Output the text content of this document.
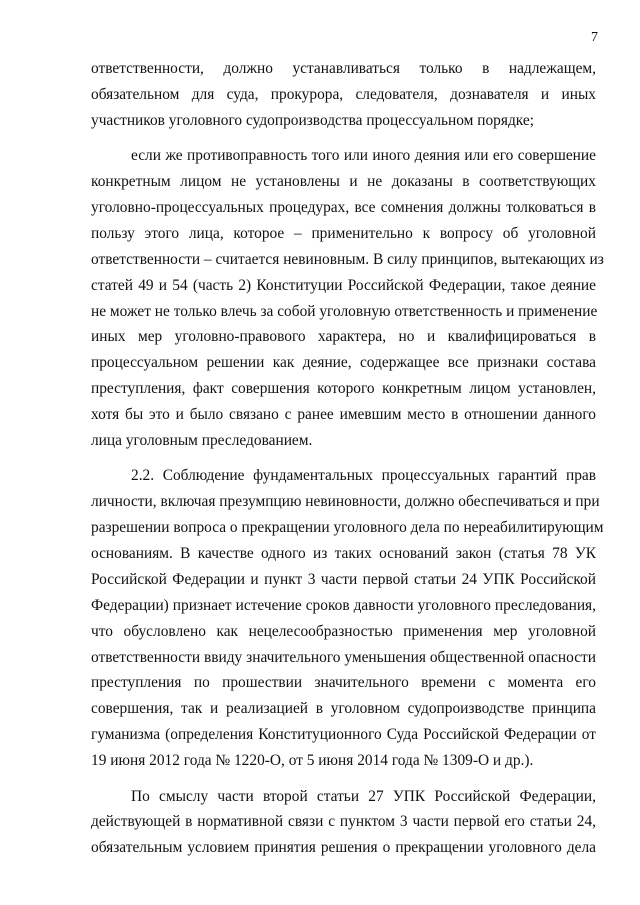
7
ответственности, должно устанавливаться только в надлежащем,
обязательном для суда, прокурора, следователя, дознавателя и иных
участников уголовного судопроизводства процессуальном порядке;
если же противоправность того или иного деяния или его совершение
конкретным лицом не установлены и не доказаны в соответствующих
уголовно-процессуальных процедурах, все сомнения должны толковаться в
пользу этого лица, которое – применительно к вопросу об уголовной
ответственности – считается невиновным. В силу принципов, вытекающих из
статей 49 и 54 (часть 2) Конституции Российской Федерации, такое деяние
не может не только влечь за собой уголовную ответственность и применение
иных мер уголовно-правового характера, но и квалифицироваться в
процессуальном решении как деяние, содержащее все признаки состава
преступления, факт совершения которого конкретным лицом установлен,
хотя бы это и было связано с ранее имевшим место в отношении данного
лица уголовным преследованием.
2.2. Соблюдение фундаментальных процессуальных гарантий прав
личности, включая презумпцию невиновности, должно обеспечиваться и при
разрешении вопроса о прекращении уголовного дела по нереабилитирующим
основаниям. В качестве одного из таких оснований закон (статья 78 УК
Российской Федерации и пункт 3 части первой статьи 24 УПК Российской
Федерации) признает истечение сроков давности уголовного преследования,
что обусловлено как нецелесообразностью применения мер уголовной
ответственности ввиду значительного уменьшения общественной опасности
преступления по прошествии значительного времени с момента его
совершения, так и реализацией в уголовном судопроизводстве принципа
гуманизма (определения Конституционного Суда Российской Федерации от
19 июня 2012 года № 1220-О, от 5 июня 2014 года № 1309-О и др.).
По смыслу части второй статьи 27 УПК Российской Федерации,
действующей в нормативной связи с пунктом 3 части первой его статьи 24,
обязательным условием принятия решения о прекращении уголовного дела
